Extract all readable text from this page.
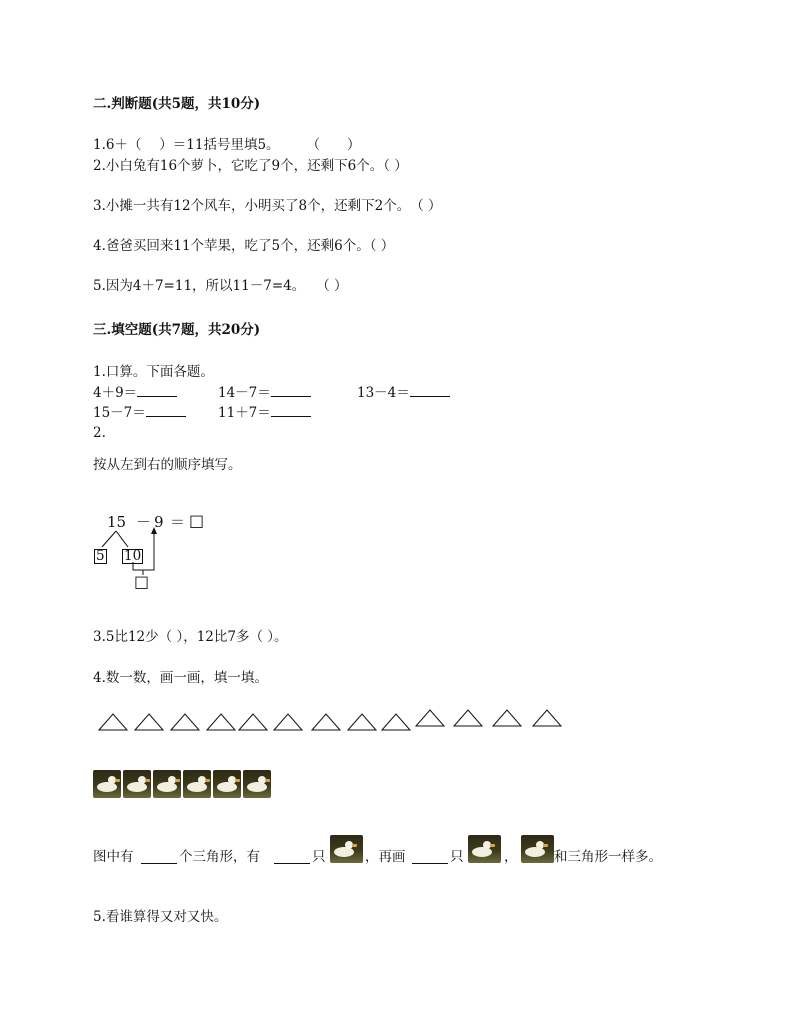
二.判断题(共5题，共10分)
1.6＋（　 ）＝11括号里填5。　　　（　　）
2.小白兔有16个萝卜，它吃了9个，还剩下6个。（ ）
3.小摊一共有12个风车，小明买了8个，还剩下2个。　（ ）
4.爸爸买回来11个苹果，吃了5个，还剩6个。（ ）
5.因为4＋7=11，所以11－7=4。　 （ ）
三.填空题(共7题，共20分)
1.口算。下面各题。
4＋9＝	14－7＝	13－4＝
15－7＝	11＋7＝
2.
按从左到右的顺序填写。
15 － 9 ＝ □
5 10
□
3.5比12少（ ），12比7多（ ）。
4.数一数，画一画，填一填。
图中有	个三角形，有	只	，再画	只	，	和三角形一样多。
5.看谁算得又对又快。
